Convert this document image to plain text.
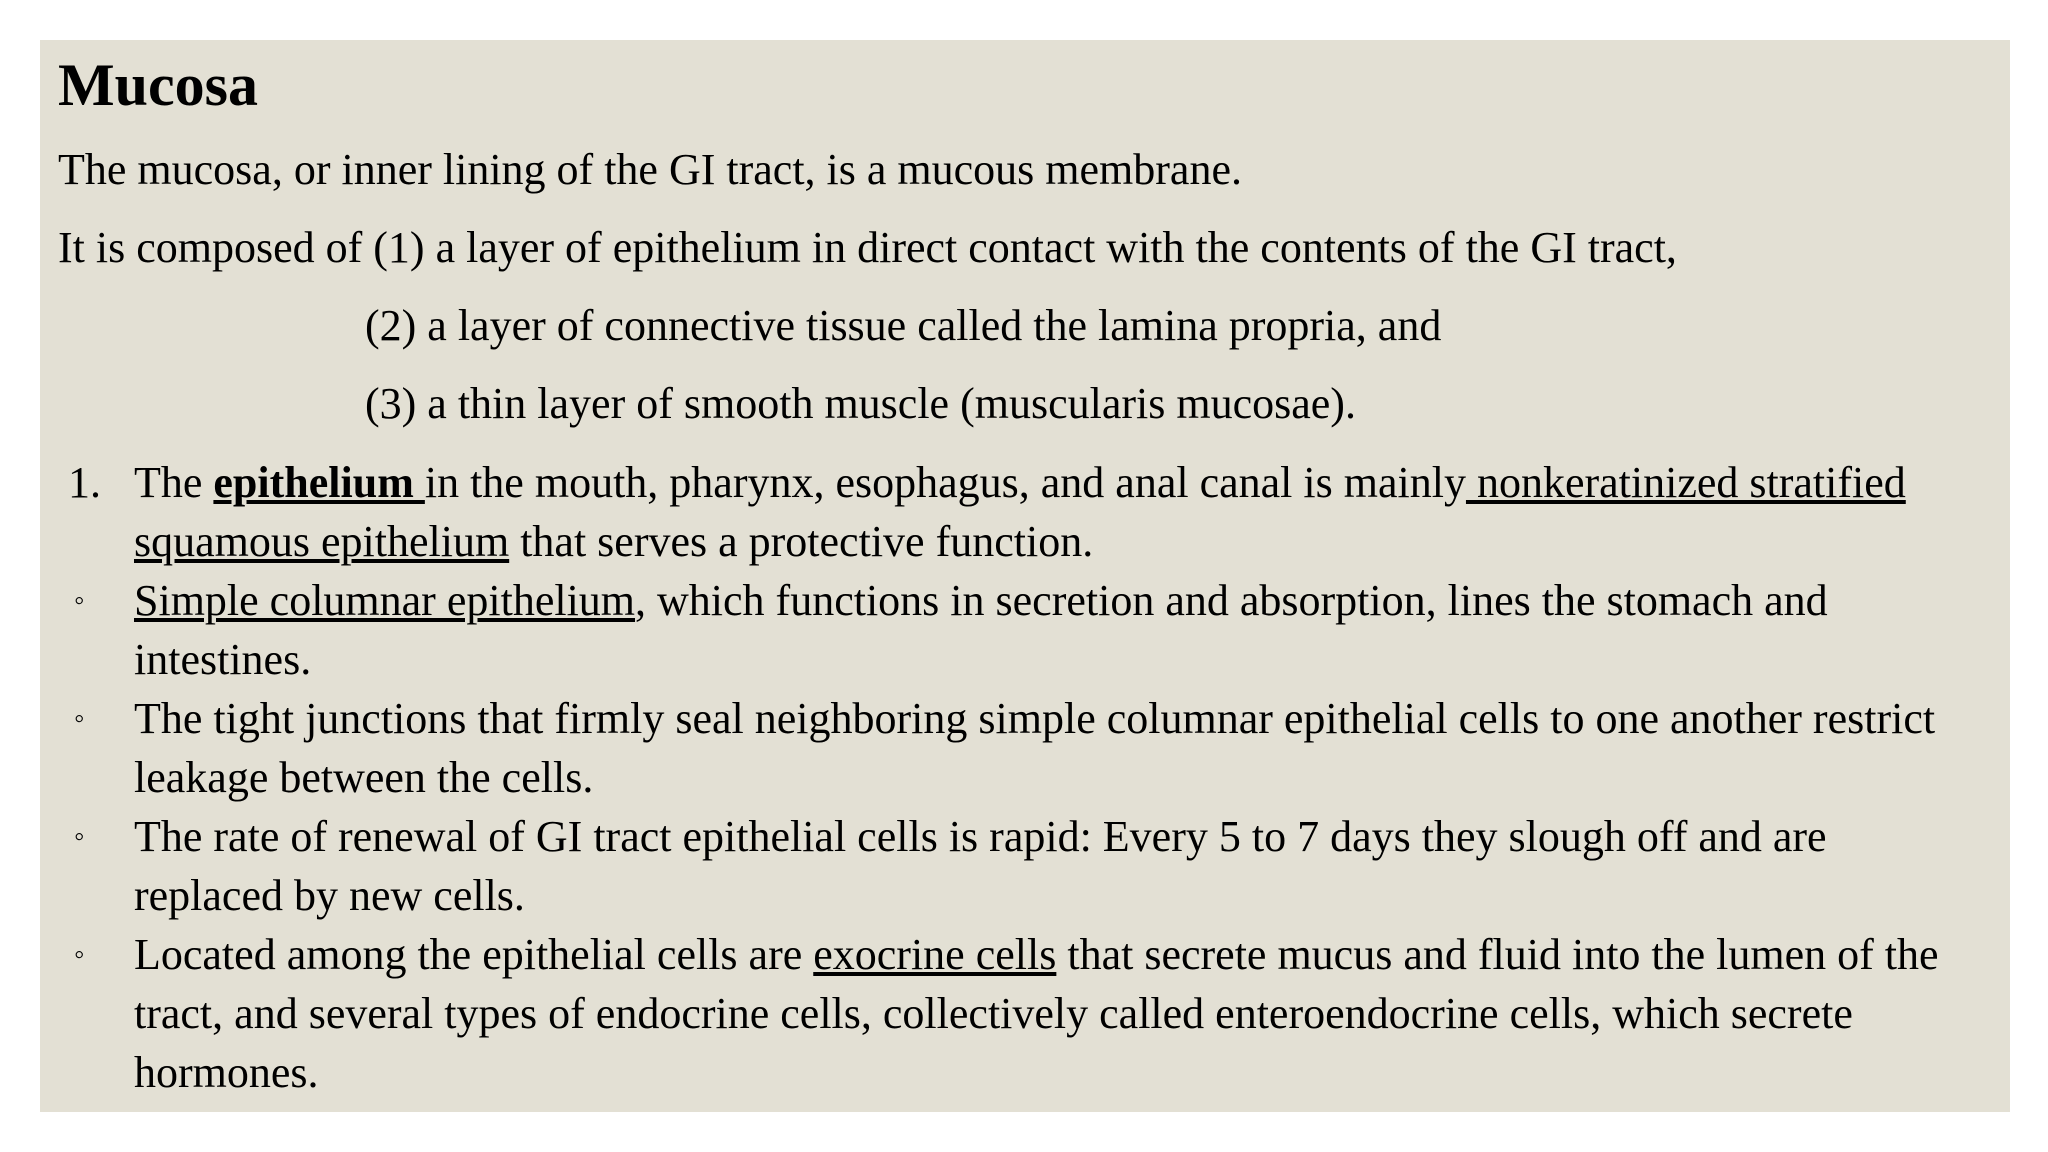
Mucosa

The mucosa, or inner lining of the GI tract, is a mucous membrane.

It is composed of (1) a layer of epithelium in direct contact with the contents of the GI tract,

(2) a layer of connective tissue called the lamina propria, and

(3) a thin layer of smooth muscle (muscularis mucosae).

1. The epithelium in the mouth, pharynx, esophagus, and anal canal is mainly nonkeratinized stratified squamous epithelium that serves a protective function.

◦ Simple columnar epithelium, which functions in secretion and absorption, lines the stomach and intestines.

◦ The tight junctions that firmly seal neighboring simple columnar epithelial cells to one another restrict leakage between the cells.

◦ The rate of renewal of GI tract epithelial cells is rapid: Every 5 to 7 days they slough off and are replaced by new cells.

◦ Located among the epithelial cells are exocrine cells that secrete mucus and fluid into the lumen of the tract, and several types of endocrine cells, collectively called enteroendocrine cells, which secrete hormones.
